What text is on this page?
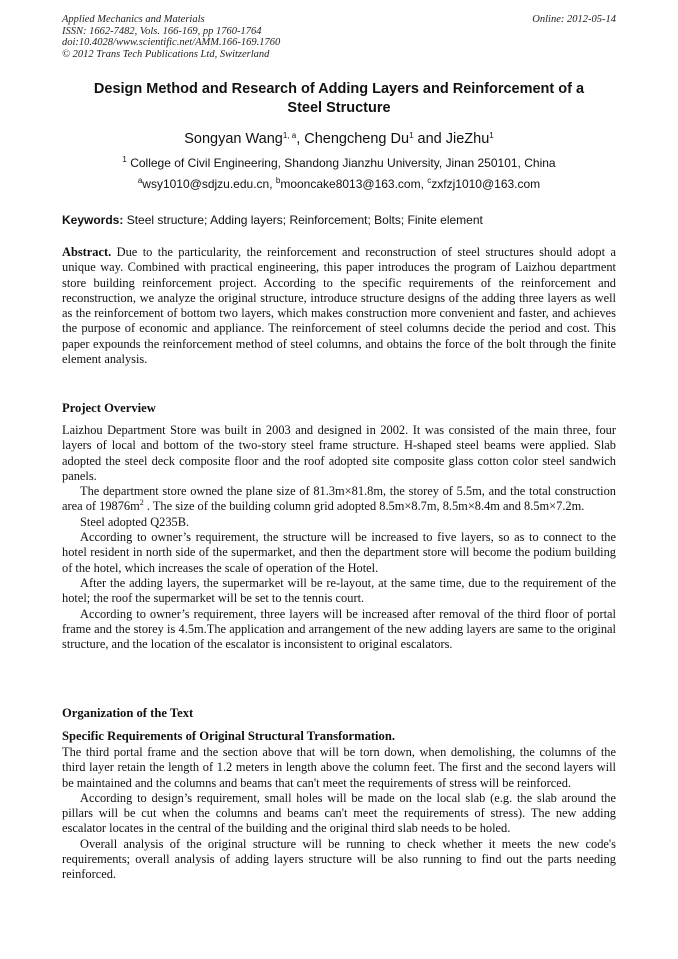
Applied Mechanics and Materials
ISSN: 1662-7482, Vols. 166-169, pp 1760-1764
doi:10.4028/www.scientific.net/AMM.166-169.1760
© 2012 Trans Tech Publications Ltd, Switzerland
Online: 2012-05-14
Design Method and Research of Adding Layers and Reinforcement of a
Steel Structure
Songyan Wang$^{1, a}$, Chengcheng Du$^1$ and JieZhu$^1$
$^1$ College of Civil Engineering, Shandong Jianzhu University, Jinan 250101, China
$^a$wsy1010@sdjzu.edu.cn, $^b$mooncake8013@163.com, $^c$zxfzj1010@163.com
Keywords: Steel structure; Adding layers; Reinforcement; Bolts; Finite element

Abstract. Due to the particularity, the reinforcement and reconstruction of steel structures should adopt a unique way. Combined with practical engineering, this paper introduces the program of Laizhou department store building reinforcement project. According to the specific requirements of the reinforcement and reconstruction, we analyze the original structure, introduce structure designs of the adding three layers as well as the reinforcement of bottom two layers, which makes construction more convenient and faster, and achieves the purpose of economic and appliance. The reinforcement of steel columns decide the period and cost. This paper expounds the reinforcement method of steel columns, and obtains the force of the bolt through the finite element analysis.

Project Overview

Laizhou Department Store was built in 2003 and designed in 2002. It was consisted of the main three, four layers of local and bottom of the two-story steel frame structure. H-shaped steel beams were applied. Slab adopted the steel deck composite floor and the roof adopted site composite glass cotton color steel sandwich panels.

The department store owned the plane size of 81.3m×81.8m, the storey of 5.5m, and the total construction area of $19876m^2$ . The size of the building column grid adopted 8.5m×8.7m, 8.5m×8.4m and 8.5m×7.2m.

Steel adopted Q235B.

According to owner’s requirement, the structure will be increased to five layers, so as to connect to the hotel resident in north side of the supermarket, and then the department store will become the podium building of the hotel, which increases the scale of operation of the Hotel.

After the adding layers, the supermarket will be re-layout, at the same time, due to the requirement of the hotel; the roof the supermarket will be set to the tennis court.

According to owner’s requirement, three layers will be increased after removal of the third floor of portal frame and the storey is 4.5m.The application and arrangement of the new adding layers are same to the original structure, and the location of the escalator is inconsistent to original escalators.

Organization of the Text
Specific Requirements of Original Structural Transformation.

The third portal frame and the section above that will be torn down, when demolishing, the columns of the third layer retain the length of 1.2 meters in length above the column feet. The first and the second layers will be maintained and the columns and beams that can't meet the requirements of stress will be reinforced.

According to design’s requirement, small holes will be made on the local slab (e.g. the slab around the pillars will be cut when the columns and beams can't meet the requirements of stress). The new adding escalator locates in the central of the building and the original third slab needs to be holed.

Overall analysis of the original structure will be running to check whether it meets the new code's requirements; overall analysis of adding layers structure will be also running to find out the parts needing reinforced.
